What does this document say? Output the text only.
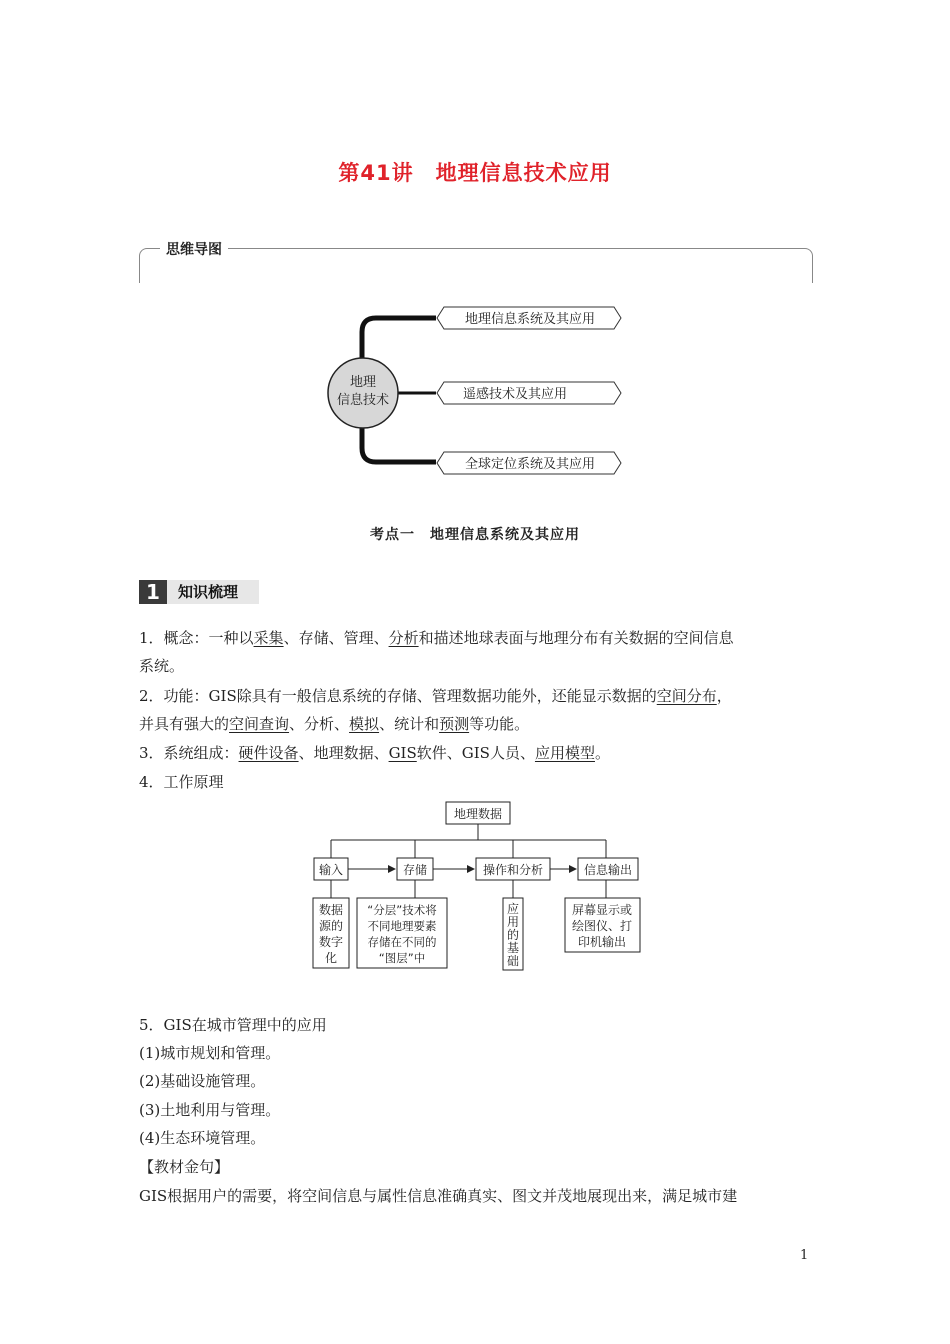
第41讲　地理信息技术应用
思维导图
地理
信息技术
地理信息系统及其应用
遥感技术及其应用
全球定位系统及其应用
考点一　地理信息系统及其应用
1	知识梳理
1．概念：一种以采集、存储、管理、分析和描述地球表面与地理分布有关数据的空间信息
系统。
2．功能：GIS除具有一般信息系统的存储、管理数据功能外，还能显示数据的空间分布，
并具有强大的空间查询、分析、模拟、统计和预测等功能。
3．系统组成：硬件设备、地理数据、GIS软件、GIS人员、应用模型。
4．工作原理
地理数据
输入	存储	操作和分析	信息输出
数据
源的
数字
化
“分层”技术将
不同地理要素
存储在不同的
“图层”中
应
用
的
基
础
屏幕显示或
绘图仪、打
印机输出
5．GIS在城市管理中的应用
(1)城市规划和管理。
(2)基础设施管理。
(3)土地利用与管理。
(4)生态环境管理。
【教材金句】
GIS根据用户的需要，将空间信息与属性信息准确真实、图文并茂地展现出来，满足城市建
1
